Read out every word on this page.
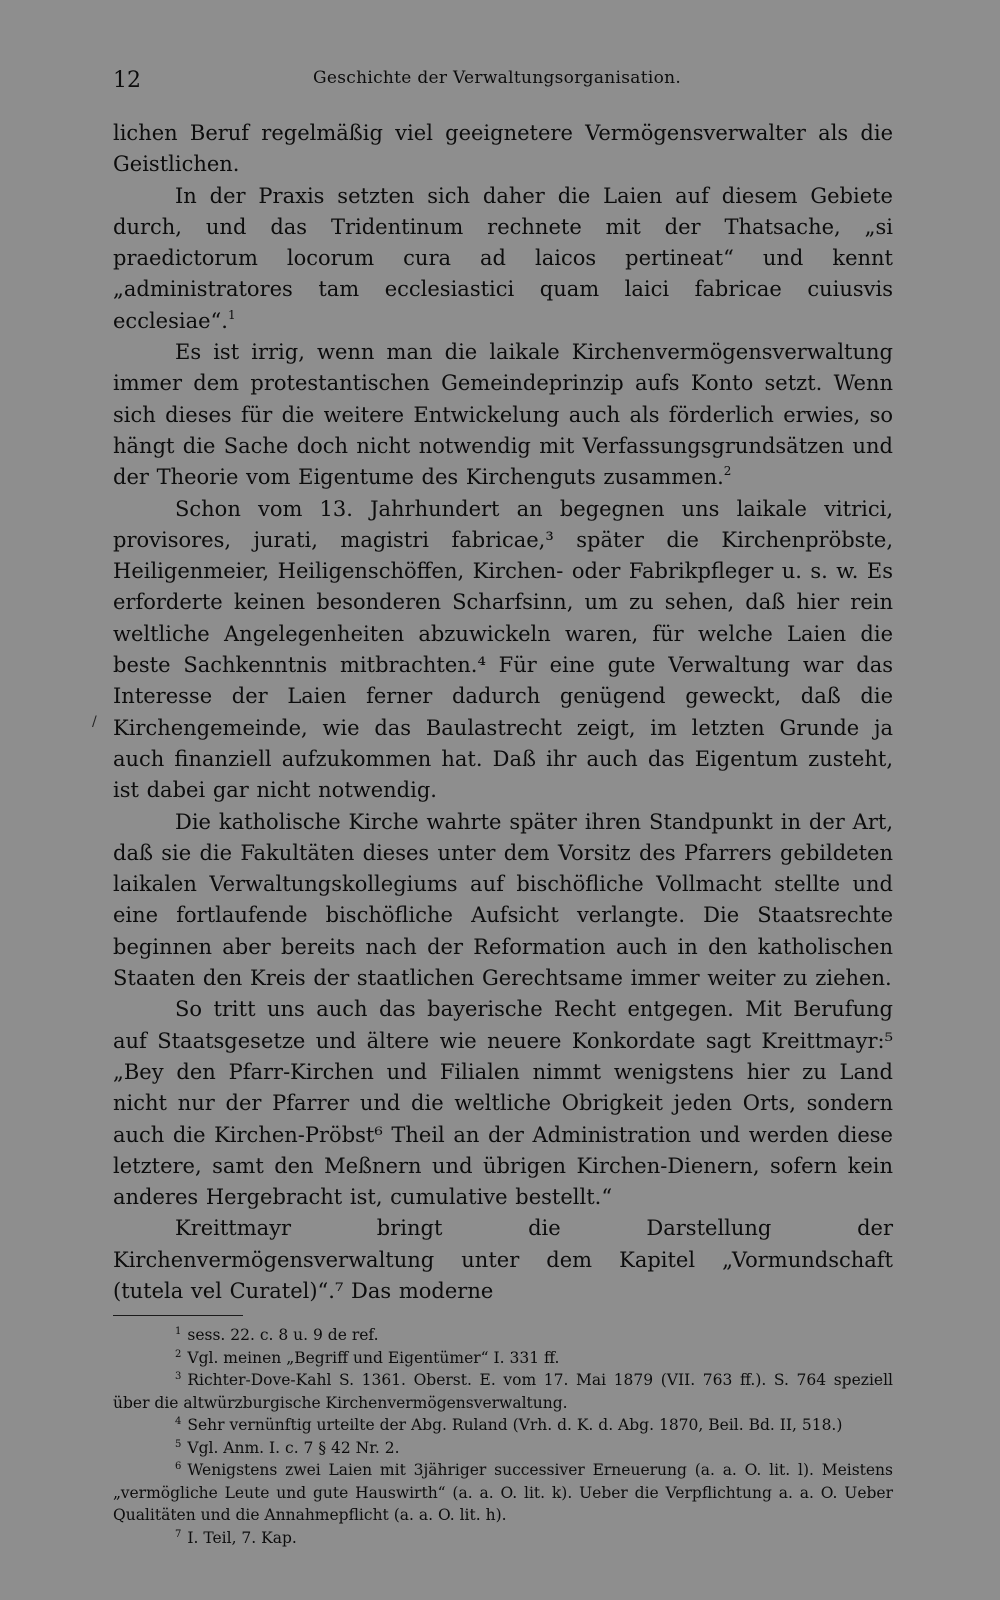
12	Geschichte der Verwaltungsorganisation.

lichen Beruf regelmäßig viel geeignetere Vermögensverwalter als die Geistlichen.

In der Praxis setzten sich daher die Laien auf diesem Gebiete durch, und das Tridentinum rechnete mit der Thatsache, „si praedictorum locorum cura ad laicos pertineat“ und kennt „administratores tam ecclesiastici quam laici fabricae cuiusvis ecclesiae“.$^1$

Es ist irrig, wenn man die laikale Kirchenvermögensverwaltung immer dem protestantischen Gemeindeprinzip aufs Konto setzt. Wenn sich dieses für die weitere Entwickelung auch als förderlich erwies, so hängt die Sache doch nicht notwendig mit Verfassungsgrundsätzen und der Theorie vom Eigentume des Kirchenguts zusammen.$^2$

Schon vom 13. Jahrhundert an begegnen uns laikale vitrici, provisores, jurati, magistri fabricae,³ später die Kirchenpröbste, Heiligenmeier, Heiligenschöffen, Kirchen- oder Fabrikpfleger u. s. w. Es erforderte keinen besonderen Scharfsinn, um zu sehen, daß hier rein weltliche Angelegenheiten abzuwickeln waren, für welche Laien die beste Sachkenntnis mitbrachten.⁴ Für eine gute Verwaltung war das Interesse der Laien ferner dadurch genügend geweckt, daß die Kirchengemeinde, wie das Baulastrecht zeigt, im letzten Grunde ja auch finanziell aufzukommen hat. Daß ihr auch das Eigentum zusteht, ist dabei gar nicht notwendig.

Die katholische Kirche wahrte später ihren Standpunkt in der Art, daß sie die Fakultäten dieses unter dem Vorsitz des Pfarrers gebildeten laikalen Verwaltungskollegiums auf bischöfliche Vollmacht stellte und eine fortlaufende bischöfliche Aufsicht verlangte. Die Staatsrechte beginnen aber bereits nach der Reformation auch in den katholischen Staaten den Kreis der staatlichen Gerechtsame immer weiter zu ziehen.

So tritt uns auch das bayerische Recht entgegen. Mit Berufung auf Staatsgesetze und ältere wie neuere Konkordate sagt Kreittmayr:⁵ „Bey den Pfarr-Kirchen und Filialen nimmt wenigstens hier zu Land nicht nur der Pfarrer und die weltliche Obrigkeit jeden Orts, sondern auch die Kirchen-Pröbst⁶ Theil an der Administration und werden diese letztere, samt den Meßnern und übrigen Kirchen-Dienern, sofern kein anderes Hergebracht ist, cumulative bestellt.“

Kreittmayr bringt die Darstellung der Kirchenvermögensverwaltung unter dem Kapitel „Vormundschaft (tutela vel Curatel)“.⁷ Das moderne

$^1$ sess. 22. c. 8 u. 9 de ref.

$^2$ Vgl. meinen „Begriff und Eigentümer“ I. 331 ff.

$^3$ Richter-Dove-Kahl S. 1361. Oberst. E. vom 17. Mai 1879 (VII. 763 ff.). S. 764 speziell über die altwürzburgische Kirchenvermögensverwaltung.

$^4$ Sehr vernünftig urteilte der Abg. Ruland (Vrh. d. K. d. Abg. 1870, Beil. Bd. II, 518.)

$^5$ Vgl. Anm. I. c. 7 § 42 Nr. 2.

$^6$ Wenigstens zwei Laien mit 3jähriger successiver Erneuerung (a. a. O. lit. l). Meistens „vermögliche Leute und gute Hauswirth“ (a. a. O. lit. k). Ueber die Verpflichtung a. a. O. Ueber Qualitäten und die Annahmepflicht (a. a. O. lit. h).

$^7$ I. Teil, 7. Kap.

/
